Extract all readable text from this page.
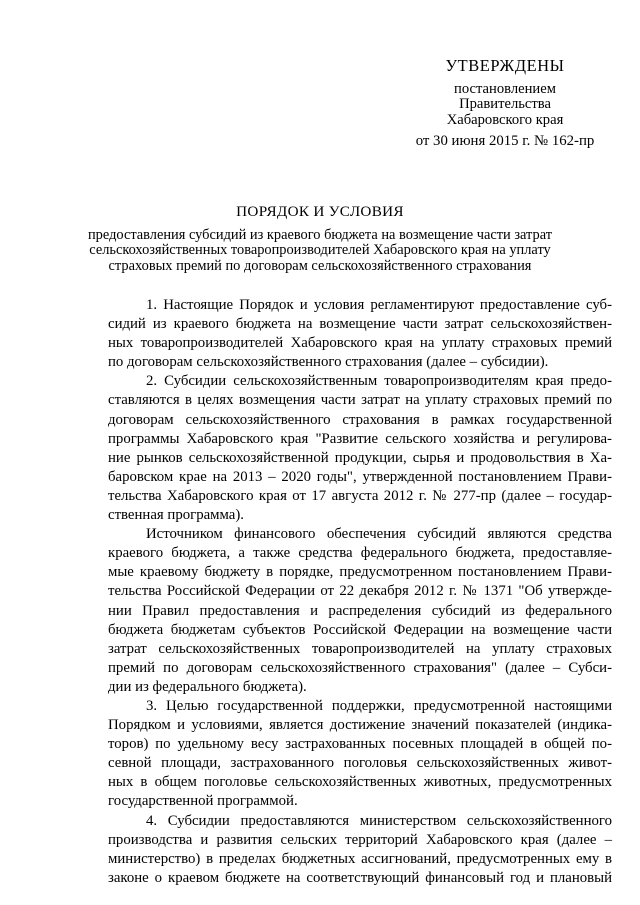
УТВЕРЖДЕНЫ
постановлением
Правительства
Хабаровского края
от 30 июня 2015 г. № 162-пр
ПОРЯДОК И УСЛОВИЯ
предоставления субсидий из краевого бюджета на возмещение части затрат
сельскохозяйственных товаропроизводителей Хабаровского края на уплату
страховых премий по договорам сельскохозяйственного страхования
1. Настоящие Порядок и условия регламентируют предоставление суб-
сидий из краевого бюджета на возмещение части затрат сельскохозяйствен-
ных товаропроизводителей Хабаровского края на уплату страховых премий
по договорам сельскохозяйственного страхования (далее – субсидии).
2. Субсидии сельскохозяйственным товаропроизводителям края предо-
ставляются в целях возмещения части затрат на уплату страховых премий по
договорам сельскохозяйственного страхования в рамках государственной
программы Хабаровского края "Развитие сельского хозяйства и регулирова-
ние рынков сельскохозяйственной продукции, сырья и продовольствия в Ха-
баровском крае на 2013 – 2020 годы", утвержденной постановлением Прави-
тельства Хабаровского края от 17 августа 2012 г. № 277-пр (далее – государ-
ственная программа).
Источником финансового обеспечения субсидий являются средства
краевого бюджета, а также средства федерального бюджета, предоставляе-
мые краевому бюджету в порядке, предусмотренном постановлением Прави-
тельства Российской Федерации от 22 декабря 2012 г. № 1371 "Об утвержде-
нии Правил предоставления и распределения субсидий из федерального
бюджета бюджетам субъектов Российской Федерации на возмещение части
затрат сельскохозяйственных товаропроизводителей на уплату страховых
премий по договорам сельскохозяйственного страхования" (далее – Субси-
дии из федерального бюджета).
3. Целью государственной поддержки, предусмотренной настоящими
Порядком и условиями, является достижение значений показателей (индика-
торов) по удельному весу застрахованных посевных площадей в общей по-
севной площади, застрахованного поголовья сельскохозяйственных живот-
ных в общем поголовье сельскохозяйственных животных, предусмотренных
государственной программой.
4. Субсидии предоставляются министерством сельскохозяйственного
производства и развития сельских территорий Хабаровского края (далее –
министерство) в пределах бюджетных ассигнований, предусмотренных ему в
законе о краевом бюджете на соответствующий финансовый год и плановый
